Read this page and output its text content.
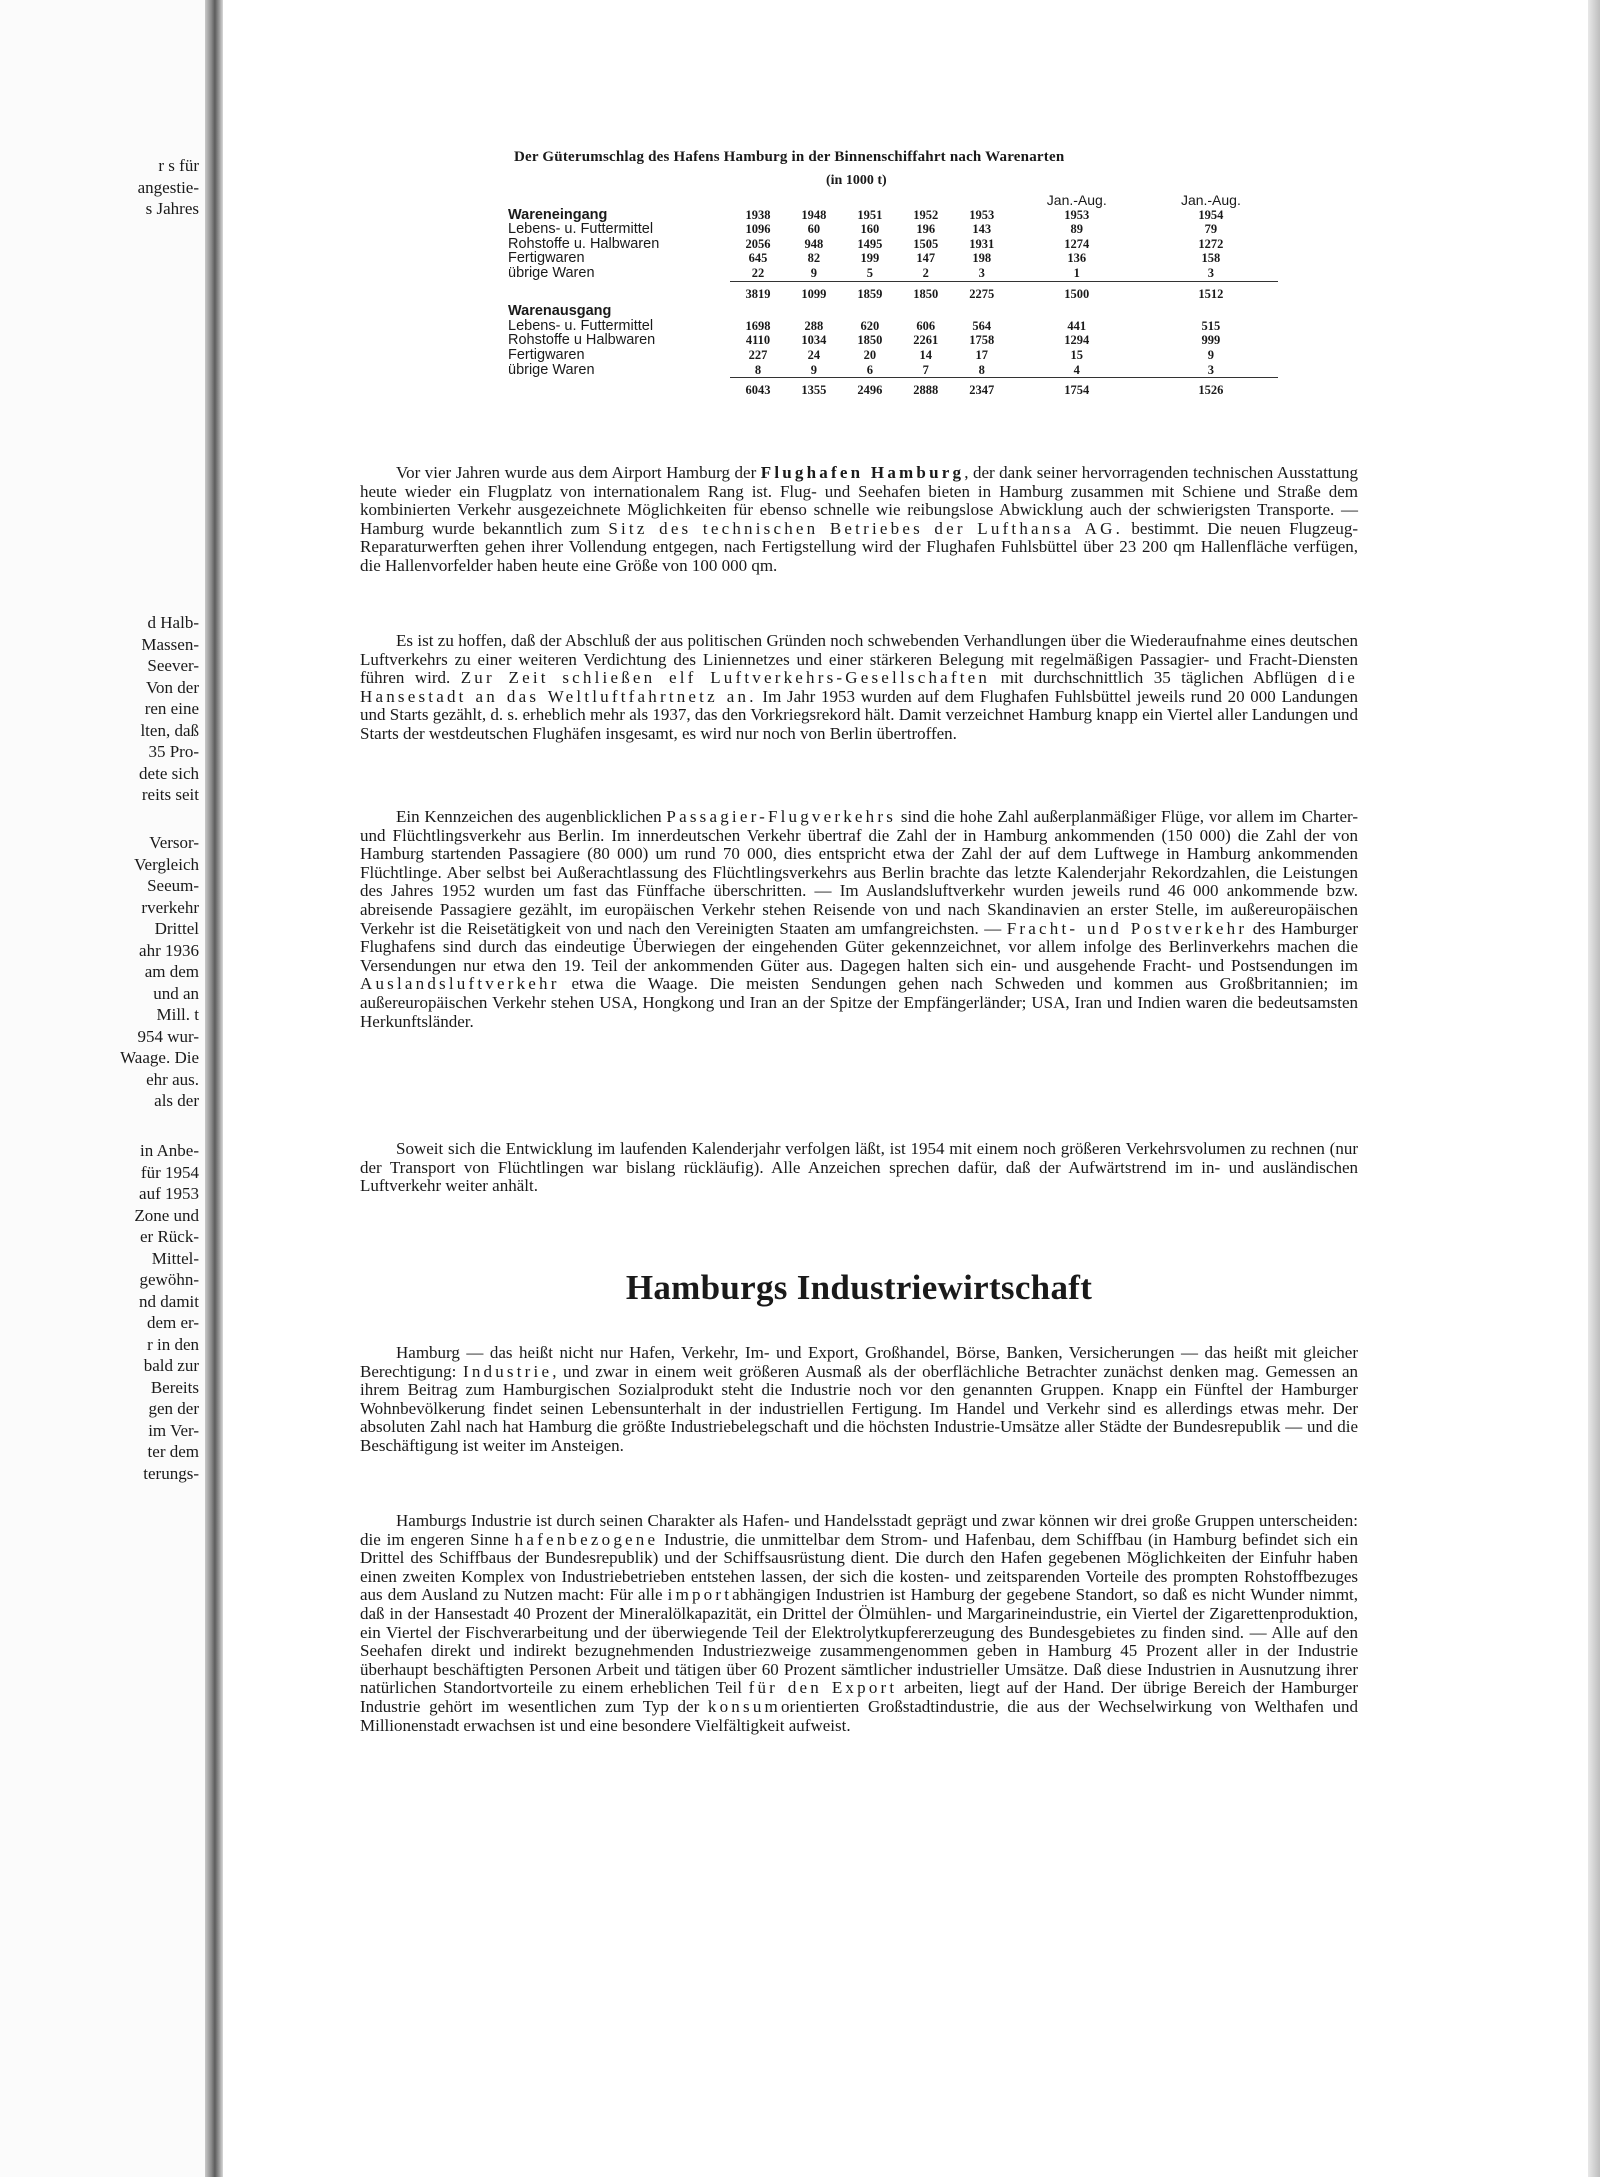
r s für
angestie-
s Jahres
d Halb-
Massen-
Seever-
Von der
ren eine
lten, daß
35 Pro-
dete sich
reits seit
Versor-
Vergleich
Seeum-
rverkehr
Drittel
ahr 1936
am dem
und an
Mill. t
954 wur-
Waage. Die
ehr aus.
als der
in Anbe-
für 1954
auf 1953
Zone und
er Rück-
Mittel-
gewöhn-
nd damit
dem er-
r in den
bald zur
Bereits
gen der
im Ver-
ter dem
terungs-
Der Güterumschlag des Hafens Hamburg in der Binnenschiffahrt nach Warenarten
(in 1000 t)
						Jan.-Aug.	Jan.-Aug.
Wareneingang	1938	1948	1951	1952	1953	1953	1954
Lebens- u. Futtermittel	1096	60	160	196	143	89	79
Rohstoffe u. Halbwaren	2056	948	1495	1505	1931	1274	1272
Fertigwaren	645	82	199	147	198	136	158
übrige Waren	22	9	5	2	3	1	3
	3819	1099	1859	1850	2275	1500	1512
Warenausgang							
Lebens- u. Futtermittel	1698	288	620	606	564	441	515
Rohstoffe u Halbwaren	4110	1034	1850	2261	1758	1294	999
Fertigwaren	227	24	20	14	17	15	9
übrige Waren	8	9	6	7	8	4	3
	6043	1355	2496	2888	2347	1754	1526
Vor vier Jahren wurde aus dem Airport Hamburg der Flughafen Hamburg, der dank seiner hervorragenden technischen Ausstattung heute wieder ein Flugplatz von internationalem Rang ist. Flug- und Seehafen bieten in Hamburg zusammen mit Schiene und Straße dem kombinierten Verkehr ausgezeichnete Möglichkeiten für ebenso schnelle wie reibungslose Abwicklung auch der schwierigsten Transporte. — Hamburg wurde bekanntlich zum Sitz des technischen Betriebes der Lufthansa AG. bestimmt. Die neuen Flugzeug-Reparaturwerften gehen ihrer Vollendung entgegen, nach Fertigstellung wird der Flughafen Fuhlsbüttel über 23 200 qm Hallenfläche verfügen, die Hallenvorfelder haben heute eine Größe von 100 000 qm.
Es ist zu hoffen, daß der Abschluß der aus politischen Gründen noch schwebenden Verhandlungen über die Wiederaufnahme eines deutschen Luftverkehrs zu einer weiteren Verdichtung des Liniennetzes und einer stärkeren Belegung mit regelmäßigen Passagier- und Fracht-Diensten führen wird. Zur Zeit schließen elf Luftverkehrs-Gesellschaften mit durchschnittlich 35 täglichen Abflügen die Hansestadt an das Weltluftfahrtnetz an. Im Jahr 1953 wurden auf dem Flughafen Fuhlsbüttel jeweils rund 20 000 Landungen und Starts gezählt, d. s. erheblich mehr als 1937, das den Vorkriegsrekord hält. Damit verzeichnet Hamburg knapp ein Viertel aller Landungen und Starts der westdeutschen Flughäfen insgesamt, es wird nur noch von Berlin übertroffen.
Ein Kennzeichen des augenblicklichen Passagier-Flugverkehrs sind die hohe Zahl außerplanmäßiger Flüge, vor allem im Charter- und Flüchtlingsverkehr aus Berlin. Im innerdeutschen Verkehr übertraf die Zahl der in Hamburg ankommenden (150 000) die Zahl der von Hamburg startenden Passagiere (80 000) um rund 70 000, dies entspricht etwa der Zahl der auf dem Luftwege in Hamburg ankommenden Flüchtlinge. Aber selbst bei Außerachtlassung des Flüchtlingsverkehrs aus Berlin brachte das letzte Kalenderjahr Rekordzahlen, die Leistungen des Jahres 1952 wurden um fast das Fünffache überschritten. — Im Auslandsluftverkehr wurden jeweils rund 46 000 ankommende bzw. abreisende Passagiere gezählt, im europäischen Verkehr stehen Reisende von und nach Skandinavien an erster Stelle, im außereuropäischen Verkehr ist die Reisetätigkeit von und nach den Vereinigten Staaten am umfangreichsten. — Fracht- und Postverkehr des Hamburger Flughafens sind durch das eindeutige Überwiegen der eingehenden Güter gekennzeichnet, vor allem infolge des Berlinverkehrs machen die Versendungen nur etwa den 19. Teil der ankommenden Güter aus. Dagegen halten sich ein- und ausgehende Fracht- und Postsendungen im Auslandsluftverkehr etwa die Waage. Die meisten Sendungen gehen nach Schweden und kommen aus Großbritannien; im außereuropäischen Verkehr stehen USA, Hongkong und Iran an der Spitze der Empfängerländer; USA, Iran und Indien waren die bedeutsamsten Herkunftsländer.
Soweit sich die Entwicklung im laufenden Kalenderjahr verfolgen läßt, ist 1954 mit einem noch größeren Verkehrsvolumen zu rechnen (nur der Transport von Flüchtlingen war bislang rückläufig). Alle Anzeichen sprechen dafür, daß der Aufwärtstrend im in- und ausländischen Luftverkehr weiter anhält.
Hamburgs Industriewirtschaft
Hamburg — das heißt nicht nur Hafen, Verkehr, Im- und Export, Großhandel, Börse, Banken, Versicherungen — das heißt mit gleicher Berechtigung: Industrie, und zwar in einem weit größeren Ausmaß als der oberflächliche Betrachter zunächst denken mag. Gemessen an ihrem Beitrag zum Hamburgischen Sozialprodukt steht die Industrie noch vor den genannten Gruppen. Knapp ein Fünftel der Hamburger Wohnbevölkerung findet seinen Lebensunterhalt in der industriellen Fertigung. Im Handel und Verkehr sind es allerdings etwas mehr. Der absoluten Zahl nach hat Hamburg die größte Industriebelegschaft und die höchsten Industrie-Umsätze aller Städte der Bundesrepublik — und die Beschäftigung ist weiter im Ansteigen.
Hamburgs Industrie ist durch seinen Charakter als Hafen- und Handelsstadt geprägt und zwar können wir drei große Gruppen unterscheiden: die im engeren Sinne hafenbezogene Industrie, die unmittelbar dem Strom- und Hafenbau, dem Schiffbau (in Hamburg befindet sich ein Drittel des Schiffbaus der Bundesrepublik) und der Schiffsausrüstung dient. Die durch den Hafen gegebenen Möglichkeiten der Einfuhr haben einen zweiten Komplex von Industriebetrieben entstehen lassen, der sich die kosten- und zeitsparenden Vorteile des prompten Rohstoffbezuges aus dem Ausland zu Nutzen macht: Für alle importabhängigen Industrien ist Hamburg der gegebene Standort, so daß es nicht Wunder nimmt, daß in der Hansestadt 40 Prozent der Mineralölkapazität, ein Drittel der Ölmühlen- und Margarineindustrie, ein Viertel der Zigarettenproduktion, ein Viertel der Fischverarbeitung und der überwiegende Teil der Elektrolytkupfererzeugung des Bundesgebietes zu finden sind. — Alle auf den Seehafen direkt und indirekt bezugnehmenden Industriezweige zusammengenommen geben in Hamburg 45 Prozent aller in der Industrie überhaupt beschäftigten Personen Arbeit und tätigen über 60 Prozent sämtlicher industrieller Umsätze. Daß diese Industrien in Ausnutzung ihrer natürlichen Standortvorteile zu einem erheblichen Teil für den Export arbeiten, liegt auf der Hand. Der übrige Bereich der Hamburger Industrie gehört im wesentlichen zum Typ der konsumorientierten Großstadtindustrie, die aus der Wechselwirkung von Welthafen und Millionenstadt erwachsen ist und eine besondere Vielfältigkeit aufweist.
